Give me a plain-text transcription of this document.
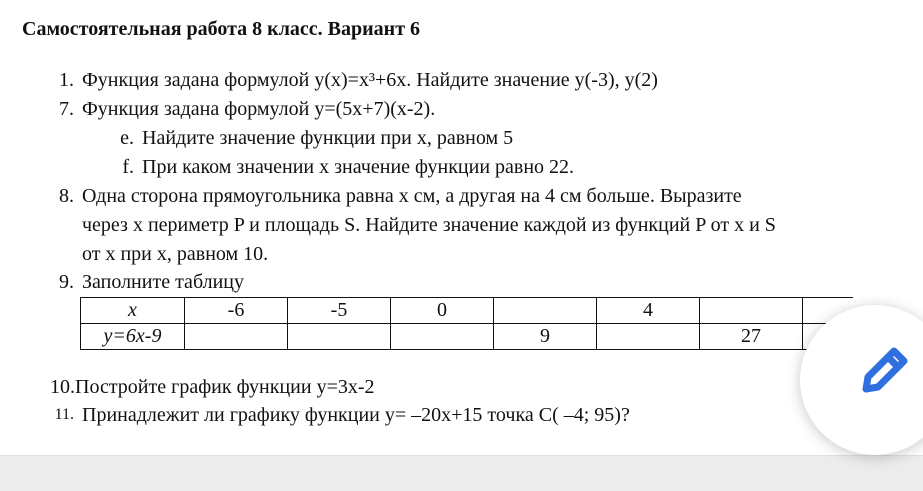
Самостоятельная работа 8 класс. Вариант 6
1. Функция задана формулой y(x)=x³+6x. Найдите значение y(-3), y(2)
7. Функция задана формулой y=(5x+7)(x-2).
e. Найдите значение функции при х, равном 5
f. При каком значении x значение функции равно 22.
8. Одна сторона прямоугольника равна x см, а другая на 4 см больше. Выразите
через x периметр P и площадь S. Найдите значение каждой из функций P от x и S
от x при x, равном 10.
9. Заполните таблицу
x	-6	-5	0		4		
y=6x-9				9		27	
10.Постройте график функции y=3x-2
11. Принадлежит ли графику функции y= –20x+15 точка C( –4; 95)?
